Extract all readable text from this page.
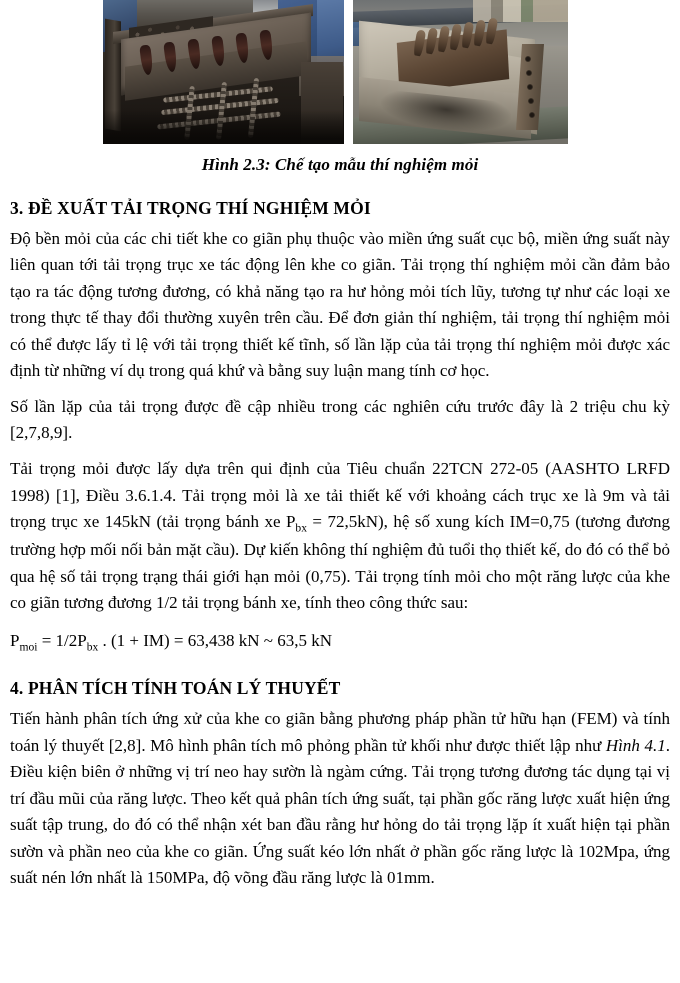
Hình 2.3: Chế tạo mẫu thí nghiệm mỏi
3. ĐỀ XUẤT TẢI TRỌNG THÍ NGHIỆM MỎI

Độ bền mỏi của các chi tiết khe co giãn phụ thuộc vào miền ứng suất cục bộ, miền ứng suất này liên quan tới tải trọng trục xe tác động lên khe co giãn. Tải trọng thí nghiệm mỏi cần đảm bảo tạo ra tác động tương đương, có khả năng tạo ra hư hỏng mỏi tích lũy, tương tự như các loại xe trong thực tế thay đổi thường xuyên trên cầu. Để đơn giản thí nghiệm, tải trọng thí nghiệm mỏi có thể được lấy tỉ lệ với tải trọng thiết kế tĩnh, số lần lặp của tải trọng thí nghiệm mỏi được xác định từ những ví dụ trong quá khứ và bằng suy luận mang tính cơ học.

Số lần lặp của tải trọng được đề cập nhiều trong các nghiên cứu trước đây là 2 triệu chu kỳ [2,7,8,9].

Tải trọng mỏi được lấy dựa trên qui định của Tiêu chuẩn 22TCN 272-05 (AASHTO LRFD 1998) [1], Điều 3.6.1.4. Tải trọng mỏi là xe tải thiết kế với khoảng cách trục xe là 9m và tải trọng trục xe 145kN (tải trọng bánh xe $P_{bx} = 72,5kN$), hệ số xung kích IM=0,75 (tương đương trường hợp mối nối bản mặt cầu). Dự kiến không thí nghiệm đủ tuổi thọ thiết kế, do đó có thể bỏ qua hệ số tải trọng trạng thái giới hạn mỏi (0,75). Tải trọng tính mỏi cho một răng lược của khe co giãn tương đương 1/2 tải trọng bánh xe, tính theo công thức sau:

$P_{moi} = 1/2P_{bx}$ . (1 + IM) = 63,438 kN ~ 63,5 kN

4. PHÂN TÍCH TÍNH TOÁN LÝ THUYẾT

Tiến hành phân tích ứng xử của khe co giãn bằng phương pháp phần tử hữu hạn (FEM) và tính toán lý thuyết [2,8]. Mô hình phân tích mô phỏng phần tử khối như được thiết lập như Hình 4.1. Điều kiện biên ở những vị trí neo hay sườn là ngàm cứng. Tải trọng tương đương tác dụng tại vị trí đầu mũi của răng lược. Theo kết quả phân tích ứng suất, tại phần gốc răng lược xuất hiện ứng suất tập trung, do đó có thể nhận xét ban đầu rằng hư hỏng do tải trọng lặp ít xuất hiện tại phần sườn và phần neo của khe co giãn. Ứng suất kéo lớn nhất ở phần gốc răng lược là 102Mpa, ứng suất nén lớn nhất là 150MPa, độ võng đầu răng lược là 01mm.
